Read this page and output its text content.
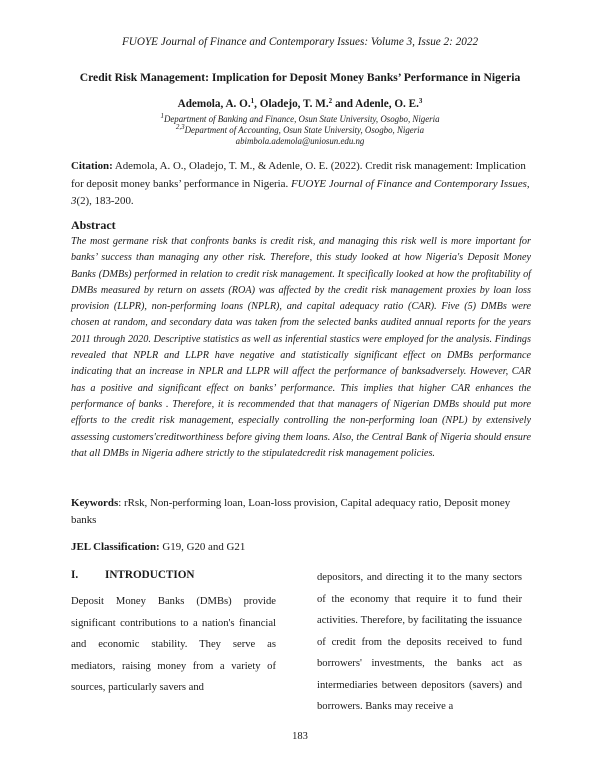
FUOYE Journal of Finance and Contemporary Issues: Volume 3, Issue 2: 2022
Credit Risk Management: Implication for Deposit Money Banks’ Performance in Nigeria
Ademola, A. O.$^1$, Oladejo, T. M.$^2$ and Adenle, O. E.$^3$
$^1$Department of Banking and Finance, Osun State University, Osogbo, Nigeria
$^{2,3}$Department of Accounting, Osun State University, Osogbo, Nigeria
abimbola.ademola@uniosun.edu.ng
Citation: Ademola, A. O., Oladejo, T. M., & Adenle, O. E. (2022). Credit risk management: Implication for deposit money banks’ performance in Nigeria. FUOYE Journal of Finance and Contemporary Issues, 3(2), 183-200.
Abstract
The most germane risk that confronts banks is credit risk, and managing this risk well is more important for banks’ success than managing any other risk. Therefore, this study looked at how Nigeria's Deposit Money Banks (DMBs) performed in relation to credit risk management. It specifically looked at how the profitability of DMBs measured by return on assets (ROA) was affected by the credit risk management proxies by loan loss provision (LLPR), non-performing loans (NPLR), and capital adequacy ratio (CAR). Five (5) DMBs were chosen at random, and secondary data was taken from the selected banks audited annual reports for the years 2011 through 2020. Descriptive statistics as well as inferential stastics were employed for the analysis. Findings revealed that NPLR and LLPR have negative and statistically significant effect on DMBs performance indicating that an increase in NPLR and LLPR will affect the performance of banksadversely. However, CAR has a positive and significant effect on banks’ performance. This implies that higher CAR enhances the performance of banks . Therefore, it is recommended that that managers of Nigerian DMBs should put more efforts to the credit risk management, especially controlling the non-performing loan (NPL) by extensively assessing customers'creditworthiness before giving them loans. Also, the Central Bank of Nigeria should ensure that all DMBs in Nigeria adhere strictly to the stipulatedcredit risk management policies.
Keywords: rRsk, Non-performing loan, Loan-loss provision, Capital adequacy ratio, Deposit money banks
JEL Classification: G19, G20 and G21
I. INTRODUCTION
Deposit Money Banks (DMBs) provide significant contributions to a nation's financial and economic stability. They serve as mediators, raising money from a variety of sources, particularly savers and
depositors, and directing it to the many sectors of the economy that require it to fund their activities. Therefore, by facilitating the issuance of credit from the deposits received to fund borrowers' investments, the banks act as intermediaries between depositors (savers) and borrowers. Banks may receive a
183
